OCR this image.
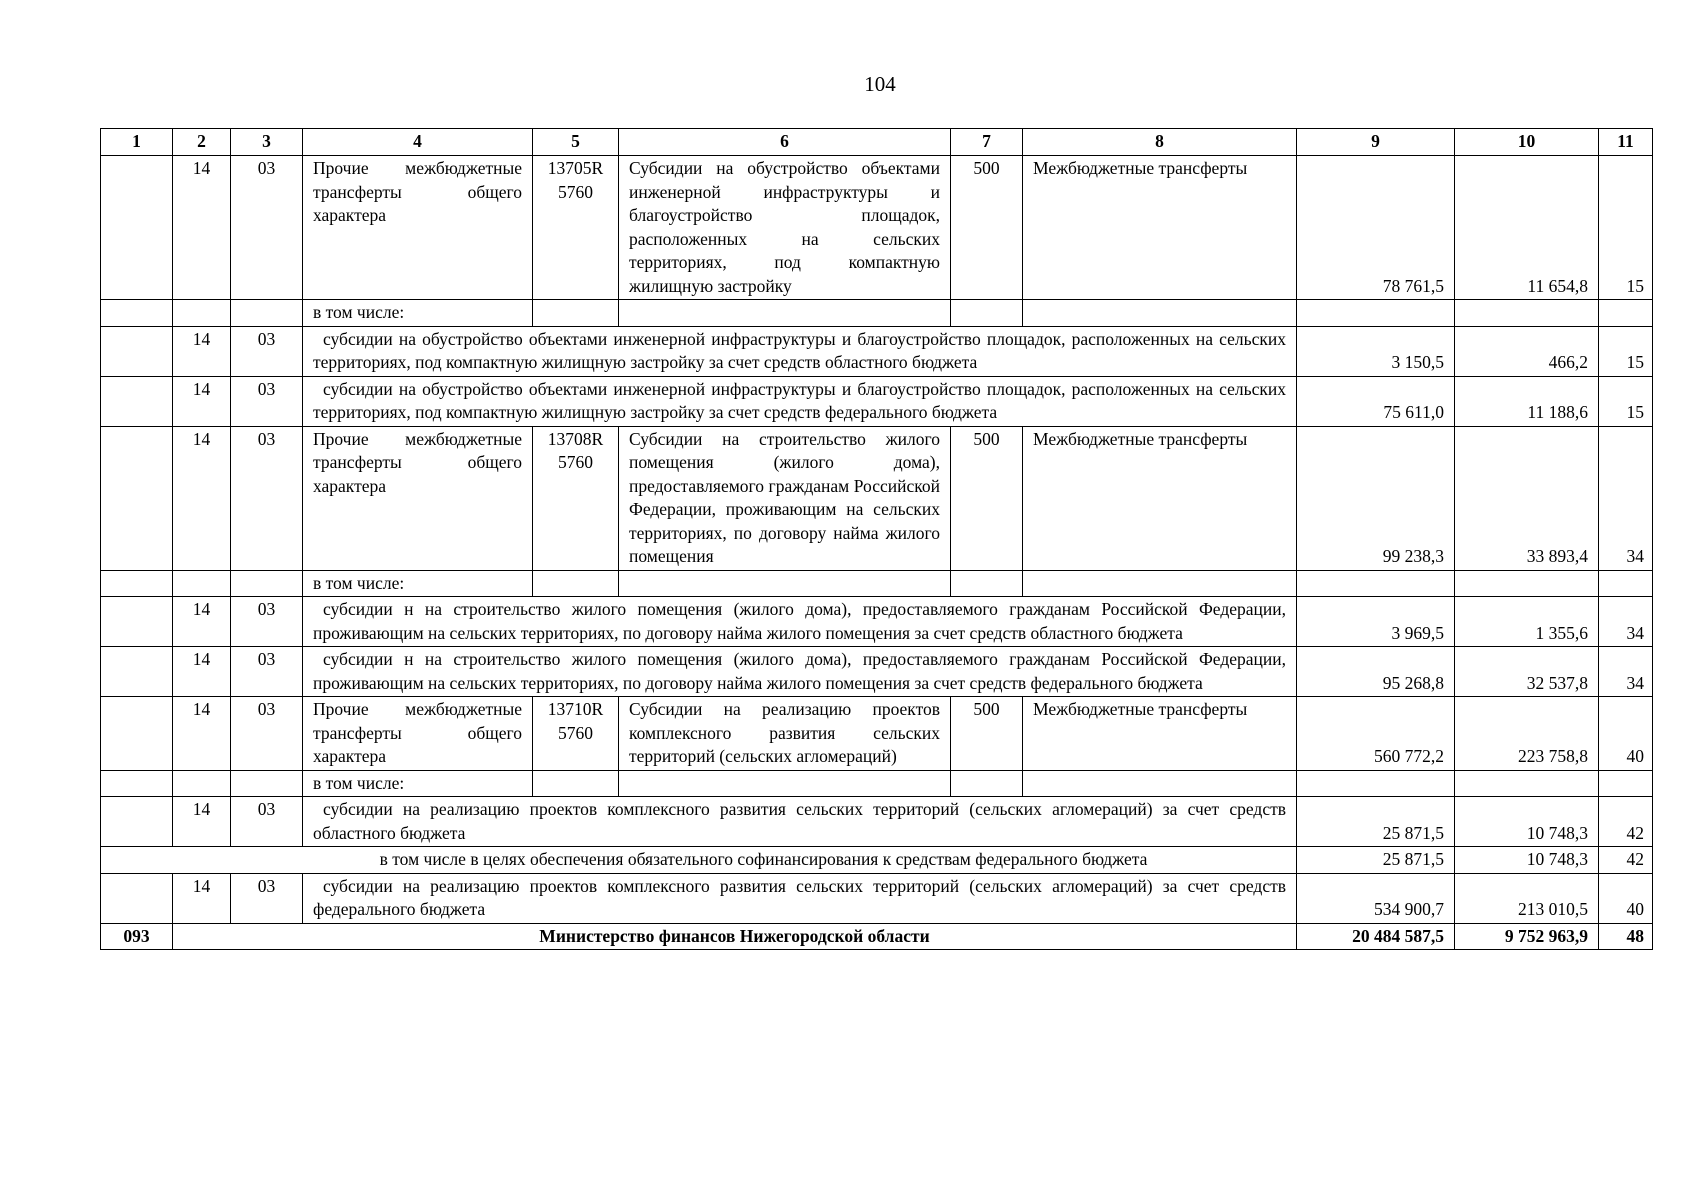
104
1	2	3	4	5	6	7	8	9	10	11
	14	03	Прочие межбюджетные трансферты общего характера	13705R 5760	Субсидии на обустройство объектами инженерной инфраструктуры и благоустройство площадок, расположенных на сельских территориях, под компактную жилищную застройку	500	Межбюджетные трансферты	78 761,5	11 654,8	15
			в том числе:							
	14	03	субсидии на обустройство объектами инженерной инфраструктуры и благоустройство площадок, расположенных на сельских территориях, под компактную жилищную застройку за счет средств областного бюджета					3 150,5	466,2	15
	14	03	субсидии на обустройство объектами инженерной инфраструктуры и благоустройство площадок, расположенных на сельских территориях, под компактную жилищную застройку за счет средств федерального бюджета					75 611,0	11 188,6	15
	14	03	Прочие межбюджетные трансферты общего характера	13708R 5760	Субсидии на строительство жилого помещения (жилого дома), предоставляемого гражданам Российской Федерации, проживающим на сельских территориях, по договору найма жилого помещения	500	Межбюджетные трансферты	99 238,3	33 893,4	34
			в том числе:							
	14	03	субсидии н на строительство жилого помещения (жилого дома), предоставляемого гражданам Российской Федерации, проживающим на сельских территориях, по договору найма жилого помещения за счет средств областного бюджета					3 969,5	1 355,6	34
	14	03	субсидии н на строительство жилого помещения (жилого дома), предоставляемого гражданам Российской Федерации, проживающим на сельских территориях, по договору найма жилого помещения за счет средств федерального бюджета					95 268,8	32 537,8	34
	14	03	Прочие межбюджетные трансферты общего характера	13710R 5760	Субсидии на реализацию проектов комплексного развития сельских территорий (сельских агломераций)	500	Межбюджетные трансферты	560 772,2	223 758,8	40
			в том числе:							
	14	03	субсидии на реализацию проектов комплексного развития сельских территорий (сельских агломераций) за счет средств областного бюджета					25 871,5	10 748,3	42
в том числе в целях обеспечения обязательного софинансирования к средствам федерального бюджета								25 871,5	10 748,3	42
	14	03	субсидии на реализацию проектов комплексного развития сельских территорий (сельских агломераций) за счет средств федерального бюджета					534 900,7	213 010,5	40
093	Министерство финансов Нижегородской области							20 484 587,5	9 752 963,9	48
